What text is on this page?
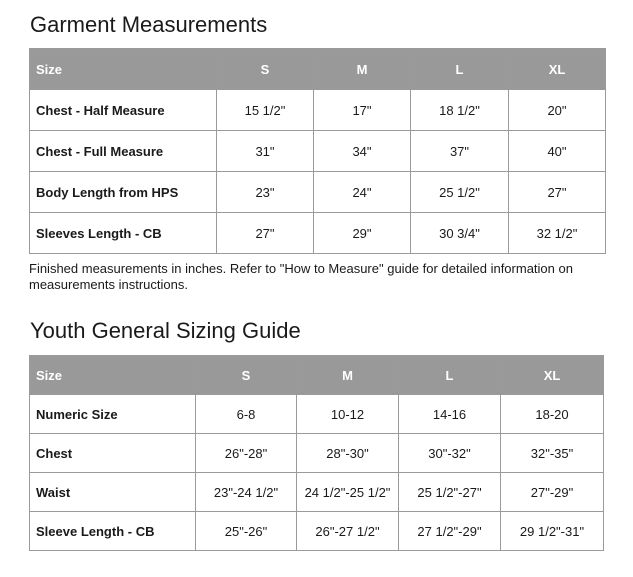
Garment Measurements
Size	S	M	L	XL
Chest - Half Measure	15 1/2"	17"	18 1/2"	20"
Chest - Full Measure	31"	34"	37"	40"
Body Length from HPS	23"	24"	25 1/2"	27"
Sleeves Length - CB	27"	29"	30 3/4"	32 1/2"

Finished measurements in inches. Refer to "How to Measure" guide for detailed information on measurements instructions.

Youth General Sizing Guide
Size	S	M	L	XL
Numeric Size	6-8	10-12	14-16	18-20
Chest	26"-28"	28"-30"	30"-32"	32"-35"
Waist	23"-24 1/2"	24 1/2"-25 1/2"	25 1/2"-27"	27"-29"
Sleeve Length - CB	25"-26"	26"-27 1/2"	27 1/2"-29"	29 1/2"-31"
